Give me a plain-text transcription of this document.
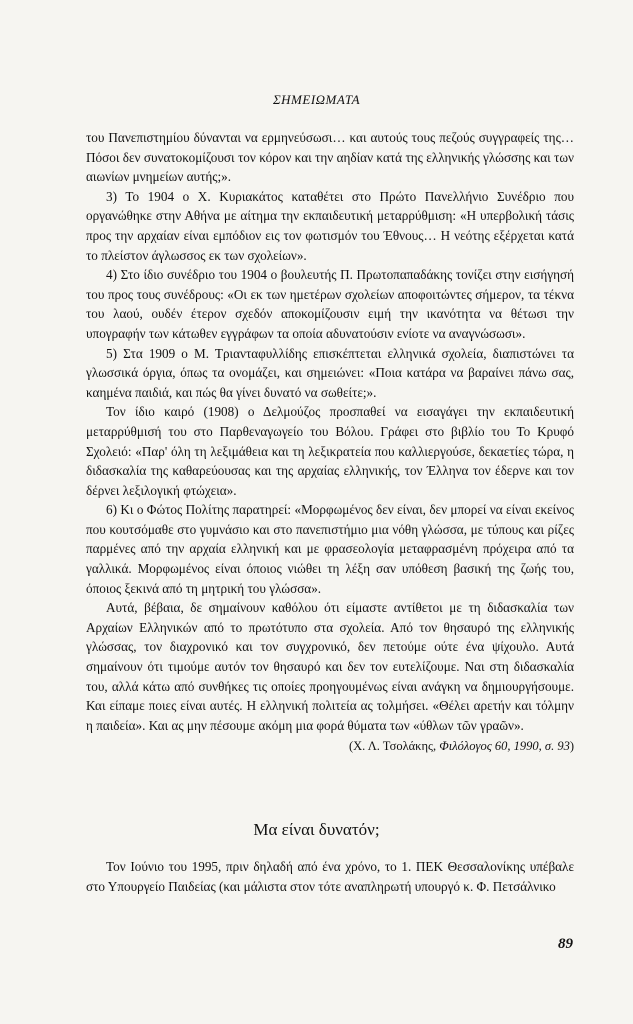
ΣΗΜΕΙΩΜΑΤΑ

του Πανεπιστημίου δύνανται να ερμηνεύσωσι… και αυτούς τους πεζούς συγγραφείς της… Πόσοι δεν συνατοκομίζουσι τον κόρον και την αηδίαν κατά της ελληνικής γλώσσης και των αιωνίων μνημείων αυτής;».

3) Το 1904 ο Χ. Κυριακάτος καταθέτει στο Πρώτο Πανελλήνιο Συνέδριο που οργανώθηκε στην Αθήνα με αίτημα την εκπαιδευτική μεταρρύθμιση: «Η υπερβολική τάσις προς την αρχαίαν είναι εμπόδιον εις τον φωτισμόν του Έθνους… Η νεότης εξέρχεται κατά το πλείστον άγλωσσος εκ των σχολείων».

4) Στο ίδιο συνέδριο του 1904 ο βουλευτής Π. Πρωτοπαπαδάκης τονίζει στην εισήγησή του προς τους συνέδρους: «Οι εκ των ημετέρων σχολείων αποφοιτώντες σήμερον, τα τέκνα του λαού, ουδέν έτερον σχεδόν αποκομίζουσιν ειμή την ικανότητα να θέτωσι την υπογραφήν των κάτωθεν εγγράφων τα οποία αδυνατούσιν ενίοτε να αναγνώσωσι».

5) Στα 1909 ο Μ. Τριανταφυλλίδης επισκέπτεται ελληνικά σχολεία, διαπιστώνει τα γλωσσικά όργια, όπως τα ονομάζει, και σημειώνει: «Ποια κατάρα να βαραίνει πάνω σας, καημένα παιδιά, και πώς θα γίνει δυνατό να σωθείτε;».

Τον ίδιο καιρό (1908) ο Δελμούζος προσπαθεί να εισαγάγει την εκπαιδευτική μεταρρύθμισή του στο Παρθεναγωγείο του Βόλου. Γράφει στο βιβλίο του Το Κρυφό Σχολειό: «Παρ' όλη τη λεξιμάθεια και τη λεξικρατεία που καλλιεργούσε, δεκαετίες τώρα, η διδασκαλία της καθαρεύουσας και της αρχαίας ελληνικής, τον Έλληνα τον έδερνε και τον δέρνει λεξιλογική φτώχεια».

6) Κι ο Φώτος Πολίτης παρατηρεί: «Μορφωμένος δεν είναι, δεν μπορεί να είναι εκείνος που κουτσόμαθε στο γυμνάσιο και στο πανεπιστήμιο μια νόθη γλώσσα, με τύπους και ρίζες παρμένες από την αρχαία ελληνική και με φρασεολογία μεταφρασμένη πρόχειρα από τα γαλλικά. Μορφωμένος είναι όποιος νιώθει τη λέξη σαν υπόθεση βασική της ζωής του, όποιος ξεκινά από τη μητρική του γλώσσα».

Αυτά, βέβαια, δε σημαίνουν καθόλου ότι είμαστε αντίθετοι με τη διδασκαλία των Αρχαίων Ελληνικών από το πρωτότυπο στα σχολεία. Από τον θησαυρό της ελληνικής γλώσσας, τον διαχρονικό και τον συγχρονικό, δεν πετούμε ούτε ένα ψίχουλο. Αυτά σημαίνουν ότι τιμούμε αυτόν τον θησαυρό και δεν τον ευτελίζουμε. Ναι στη διδασκαλία του, αλλά κάτω από συνθήκες τις οποίες προηγουμένως είναι ανάγκη να δημιουργήσουμε. Και είπαμε ποιες είναι αυτές. Η ελληνική πολιτεία ας τολμήσει. «Θέλει αρετήν και τόλμην η παιδεία». Και ας μην πέσουμε ακόμη μια φορά θύματα των «ύθλων τῶν γραῶν».

(Χ. Λ. Τσολάκης, Φιλόλογος 60, 1990, σ. 93)
Μα είναι δυνατόν;

Τον Ιούνιο του 1995, πριν δηλαδή από ένα χρόνο, το 1. ΠΕΚ Θεσσαλονίκης υπέβαλε στο Υπουργείο Παιδείας (και μάλιστα στον τότε αναπληρωτή υπουργό κ. Φ. Πετσάλνικο

89
